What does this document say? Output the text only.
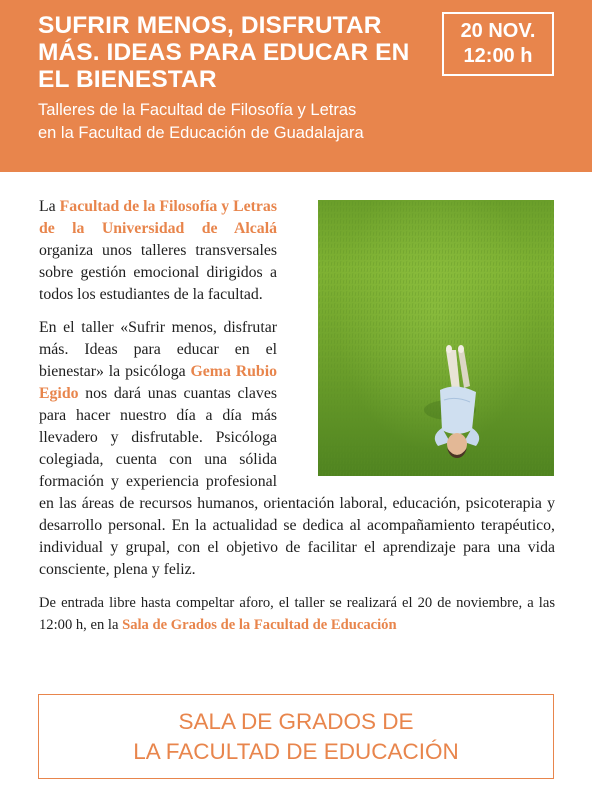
SUFRIR MENOS, DISFRUTAR MÁS. IDEAS PARA EDUCAR EN EL BIENESTAR
Talleres de la Facultad de Filosofía y Letras
en la Facultad de Educación de Guadalajara
20 NOV.
12:00 h

La Facultad de la Filosofía y Letras de la Universidad de Alcalá organiza unos talleres transversales sobre gestión emocional dirigidos a todos los estudiantes de la facultad.

En el taller «Sufrir menos, disfrutar más. Ideas para educar en el bienestar» la psicóloga Gema Rubio Egido nos dará unas cuantas claves para hacer nuestro día a día más llevadero y disfrutable. Psicóloga colegiada, cuenta con una sólida formación y experiencia profesional en las áreas de recursos humanos, orientación laboral, educación, psicoterapia y desarrollo personal. En la actualidad se dedica al acompañamiento terapéutico, individual y grupal, con el objetivo de facilitar el aprendizaje para una vida consciente, plena y feliz.

De entrada libre hasta compeltar aforo, el taller se realizará el 20 de noviembre, a las 12:00 h, en la Sala de Grados de la Facultad de Educación

SALA DE GRADOS DE
LA FACULTAD DE EDUCACIÓN
